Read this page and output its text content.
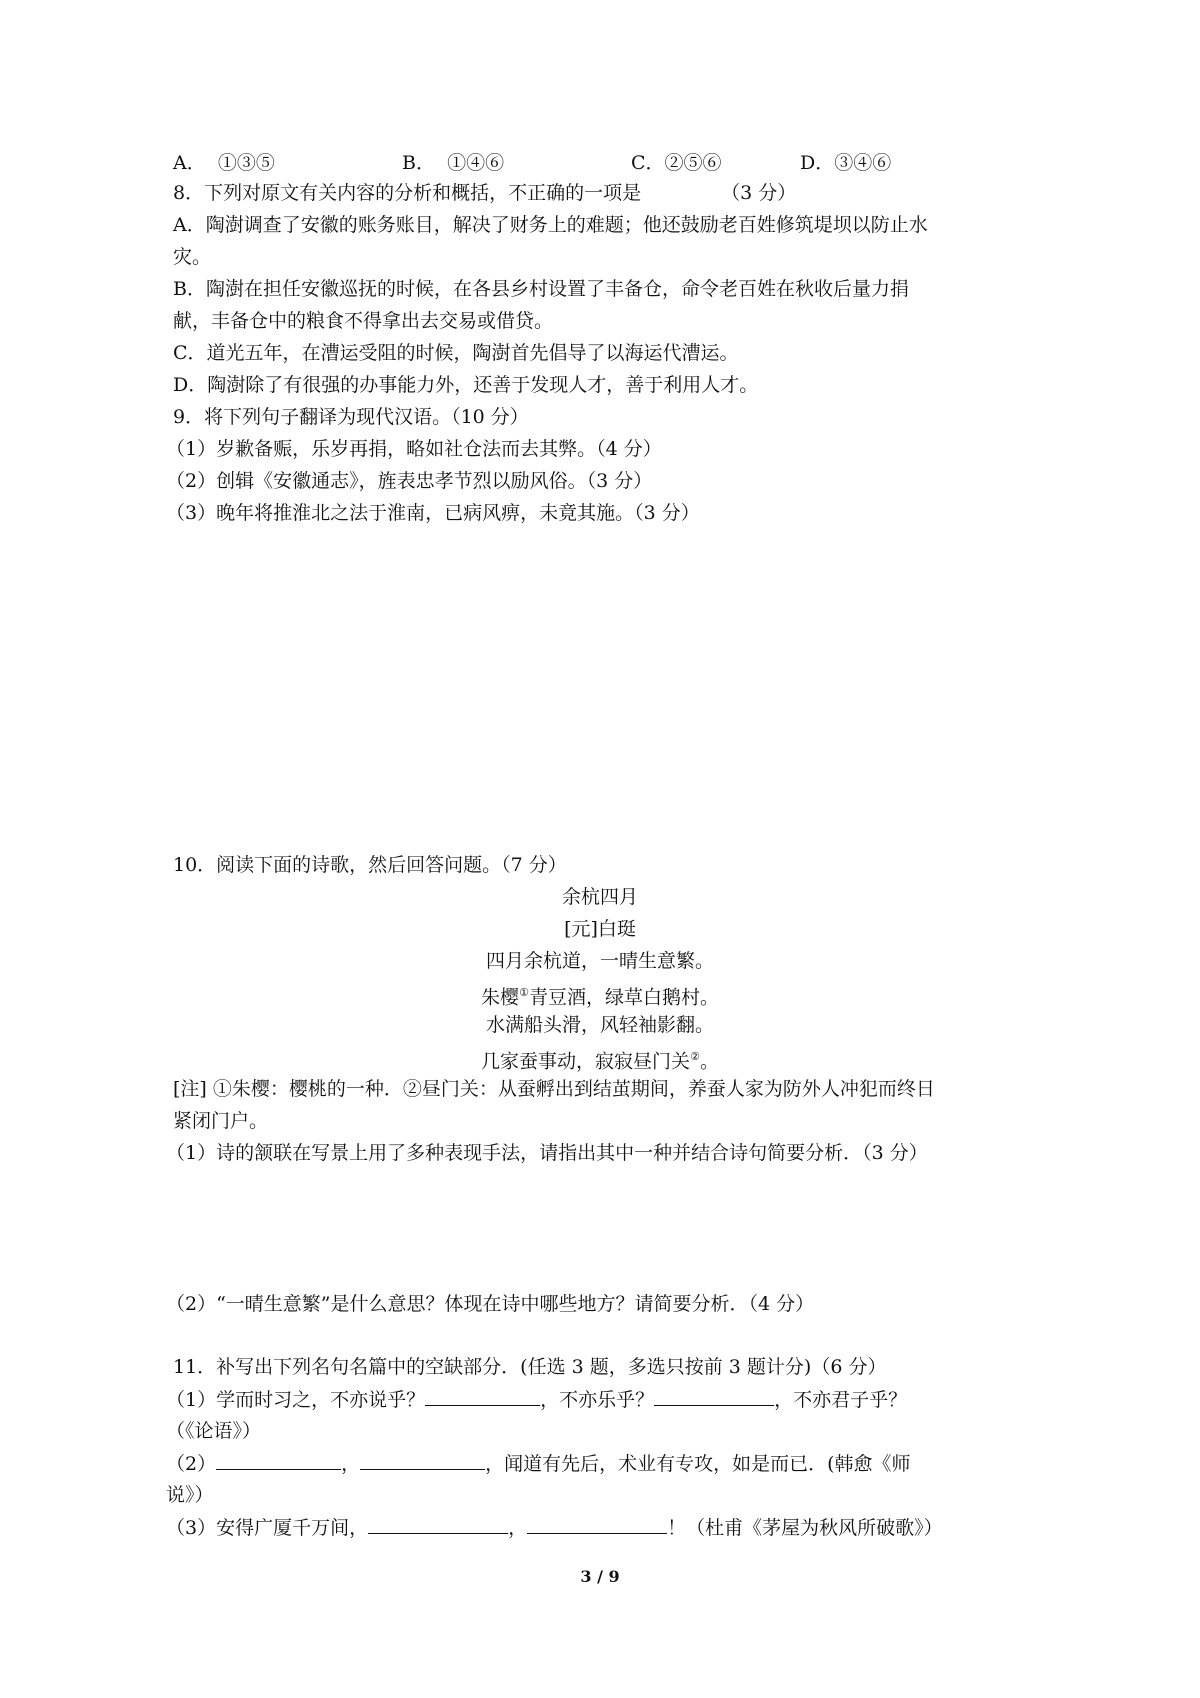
A． ①③⑤	B． ①④⑥	C．②⑤⑥	D．③④⑥
8．下列对原文有关内容的分析和概括，不正确的一项是	（3 分）
A．陶澍调查了安徽的账务账目，解决了财务上的难题；他还鼓励老百姓修筑堤坝以防止水
灾。
B．陶澍在担任安徽巡抚的时候，在各县乡村设置了丰备仓，命令老百姓在秋收后量力捐
献，丰备仓中的粮食不得拿出去交易或借贷。
C．道光五年，在漕运受阻的时候，陶澍首先倡导了以海运代漕运。
D．陶澍除了有很强的办事能力外，还善于发现人才，善于利用人才。
9．将下列句子翻译为现代汉语。（10 分）
（1）岁歉备赈，乐岁再捐，略如社仓法而去其弊。（4 分）
（2）创辑《安徽通志》，旌表忠孝节烈以励风俗。（3 分）
（3）晚年将推淮北之法于淮南，已病风痹，未竟其施。（3 分）
10．阅读下面的诗歌，然后回答问题。（7 分）
余杭四月
[元]白珽
四月余杭道，一晴生意繁。
朱樱①青豆酒，绿草白鹅村。
水满船头滑，风轻袖影翻。
几家蚕事动，寂寂昼门关②。
[注] ①朱樱：樱桃的一种．②昼门关：从蚕孵出到结茧期间，养蚕人家为防外人冲犯而终日
紧闭门户。
（1）诗的颔联在写景上用了多种表现手法，请指出其中一种并结合诗句简要分析．（3 分）
（2）“一晴生意繁”是什么意思？体现在诗中哪些地方？请简要分析．（4 分）
11．补写出下列名句名篇中的空缺部分．(任选 3 题，多选只按前 3 题计分)（6 分）
（1）学而时习之，不亦说乎？	，不亦乐乎？	，不亦君子乎？
（《论语》）
（2）	，	，闻道有先后，术业有专攻，如是而已．(韩愈《师
说》）
（3）安得广厦千万间，	，	！（杜甫《茅屋为秋风所破歌》）
3 / 9
